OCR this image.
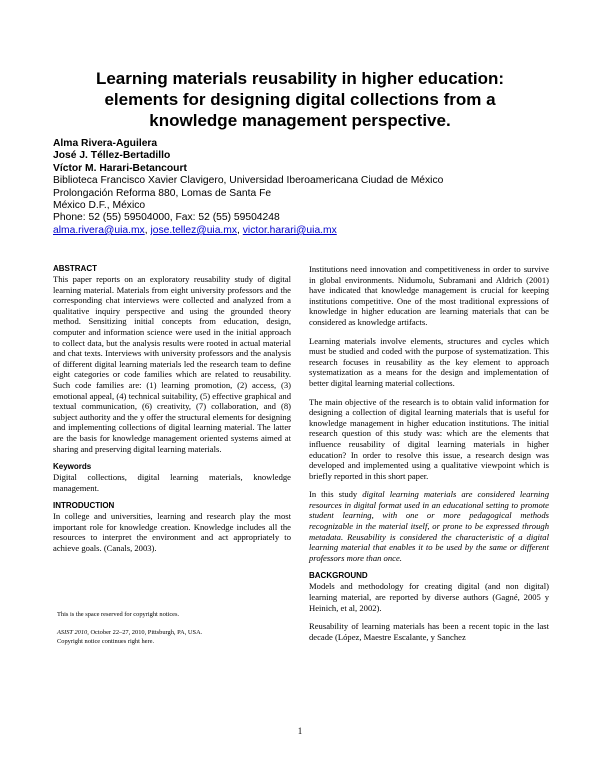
Learning materials reusability in higher education:
elements for designing digital collections from a
knowledge management perspective.
Alma Rivera-Aguilera
José J. Téllez-Bertadillo
Víctor M. Harari-Betancourt
Biblioteca Francisco Xavier Clavigero, Universidad Iberoamericana Ciudad de México
Prolongación Reforma 880, Lomas de Santa Fe
México D.F., México
Phone: 52 (55) 59504000, Fax: 52 (55) 59504248
alma.rivera@uia.mx, jose.tellez@uia.mx, victor.harari@uia.mx
ABSTRACT

This paper reports on an exploratory reusability study of digital learning material. Materials from eight university professors and the corresponding chat interviews were collected and analyzed from a qualitative inquiry perspective and using the grounded theory method. Sensitizing initial concepts from education, design, computer and information science were used in the initial approach to collect data, but the analysis results were rooted in actual material and chat texts. Interviews with university professors and the analysis of different digital learning materials led the research team to define eight categories or code families which are related to reusability. Such code families are: (1) learning promotion, (2) access, (3) emotional appeal, (4) technical suitability, (5) effective graphical and textual communication, (6) creativity, (7) collaboration, and (8) subject authority and the y offer the structural elements for designing and implementing collections of digital learning material. The latter are the basis for knowledge management oriented systems aimed at sharing and preserving digital learning materials.

Keywords

Digital collections, digital learning materials, knowledge management.

INTRODUCTION

In college and universities, learning and research play the most important role for knowledge creation. Knowledge includes all the resources to interpret the environment and act appropriately to achieve goals. (Canals, 2003).

This is the space reserved for copyright notices.
ASIST 2010, October 22–27, 2010, Pittsburgh, PA, USA.
Copyright notice continues right here.

Institutions need innovation and competitiveness in order to survive in global environments. Nidumolu, Subramani and Aldrich (2001) have indicated that knowledge management is crucial for keeping institutions competitive. One of the most traditional expressions of knowledge in higher education are learning materials that can be considered as knowledge artifacts.

Learning materials involve elements, structures and cycles which must be studied and coded with the purpose of systematization. This research focuses in reusability as the key element to approach systematization as a means for the design and implementation of better digital learning material collections.

The main objective of the research is to obtain valid information for designing a collection of digital learning materials that is useful for knowledge management in higher education institutions. The initial research question of this study was: which are the elements that influence reusability of digital learning materials in higher education? In order to resolve this issue, a research design was developed and implemented using a qualitative viewpoint which is briefly reported in this short paper.

In this study digital learning materials are considered learning resources in digital format used in an educational setting to promote student learning, with one or more pedagogical methods recognizable in the material itself, or prone to be expressed through metadata. Reusability is considered the characteristic of a digital learning material that enables it to be used by the same or different professors more than once.

BACKGROUND

Models and methodology for creating digital (and non digital) learning material, are reported by diverse authors (Gagné, 2005 y Heinich, et al, 2002).

Reusability of learning materials has been a recent topic in the last decade (López, Maestre Escalante, y Sanchez

1
